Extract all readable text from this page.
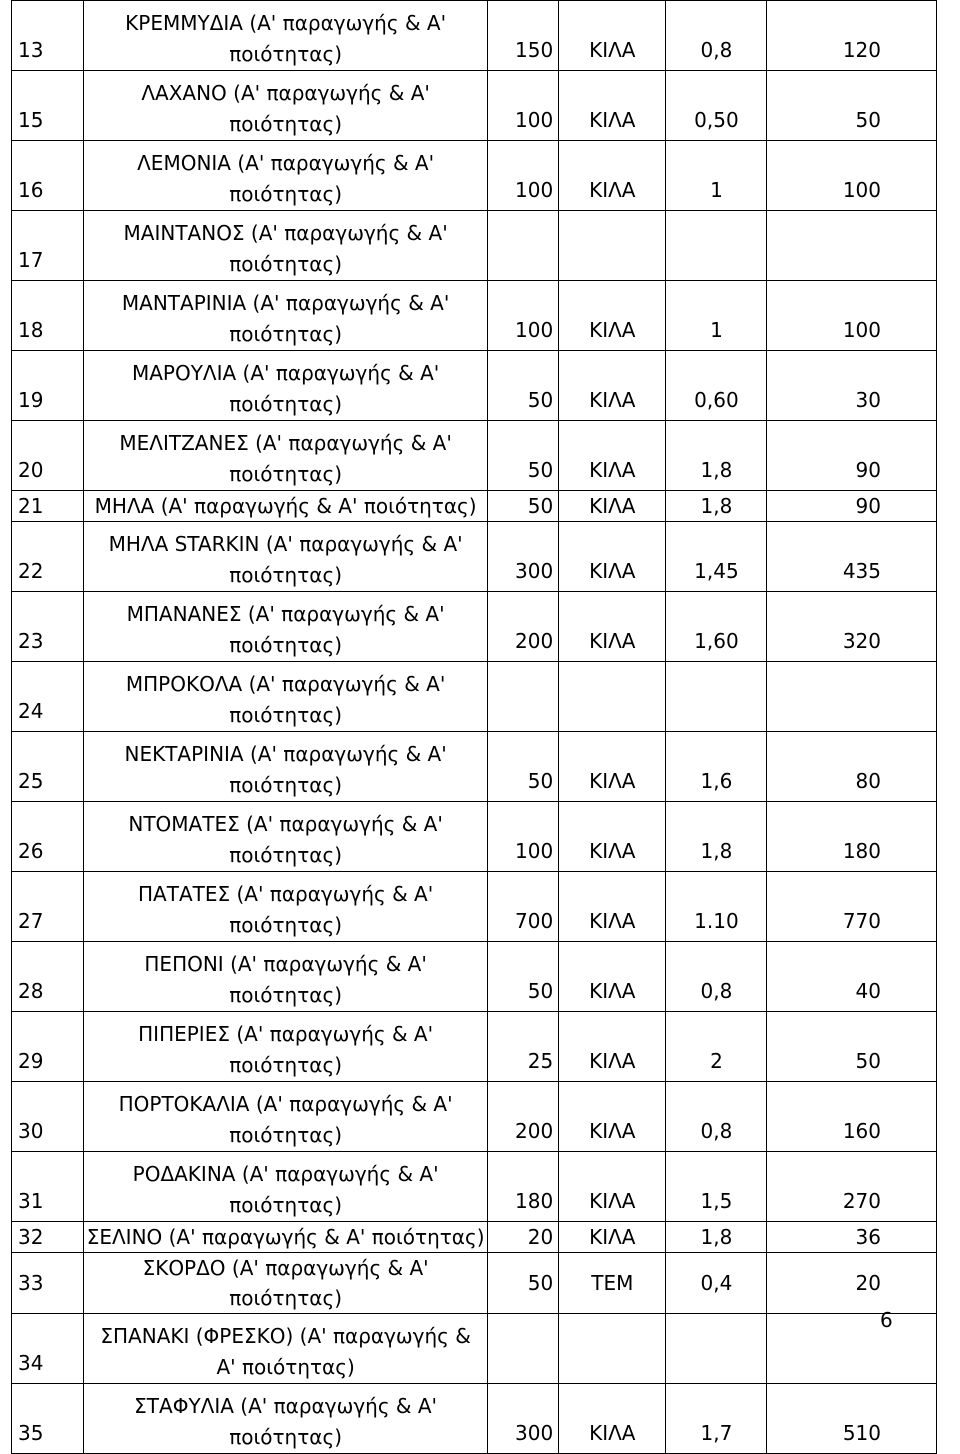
13	ΚΡΕΜΜΥΔΙΑ (Α' παραγωγής & Α'
ποιότητας)	150	ΚΙΛΑ	0,8	120
15	ΛΑΧΑΝΟ (Α' παραγωγής & Α'
ποιότητας)	100	ΚΙΛΑ	0,50	50
16	ΛΕΜΟΝΙΑ (Α' παραγωγής & Α'
ποιότητας)	100	ΚΙΛΑ	1	100
17	ΜΑΙΝΤΑΝΟΣ (Α' παραγωγής & Α'
ποιότητας)				

18	ΜΑΝΤΑΡΙΝΙΑ (Α' παραγωγής & Α'
ποιότητας)	100	ΚΙΛΑ	1	100
19	ΜΑΡΟΥΛΙΑ (Α' παραγωγής & Α'
ποιότητας)	50	ΚΙΛΑ	0,60	30
20	ΜΕΛΙΤΖΑΝΕΣ (Α' παραγωγής & Α'
ποιότητας)	50	ΚΙΛΑ	1,8	90
21	ΜΗΛΑ (Α' παραγωγής & Α' ποιότητας)	50	ΚΙΛΑ	1,8	90
22	ΜΗΛΑ STARKIN (Α' παραγωγής & Α'
ποιότητας)	300	ΚΙΛΑ	1,45	435
23	ΜΠΑΝΑΝΕΣ (Α' παραγωγής & Α'
ποιότητας)	200	ΚΙΛΑ	1,60	320
24	ΜΠΡΟΚΟΛΑ (Α' παραγωγής & Α'
ποιότητας)				

25	ΝΕΚΤΑΡΙΝΙΑ (Α' παραγωγής & Α'
ποιότητας)	50	ΚΙΛΑ	1,6	80
26	ΝΤΟΜΑΤΕΣ (Α' παραγωγής & Α'
ποιότητας)	100	ΚΙΛΑ	1,8	180
27	ΠΑΤΑΤΕΣ (Α' παραγωγής & Α'
ποιότητας)	700	ΚΙΛΑ	1.10	770
28	ΠΕΠΟΝΙ (Α' παραγωγής & Α'
ποιότητας)	50	ΚΙΛΑ	0,8	40
29	ΠΙΠΕΡΙΕΣ (Α' παραγωγής & Α'
ποιότητας)	25	ΚΙΛΑ	2	50
30	ΠΟΡΤΟΚΑΛΙΑ (Α' παραγωγής & Α'
ποιότητας)	200	ΚΙΛΑ	0,8	160
31	ΡΟΔΑΚΙΝΑ (Α' παραγωγής & Α'
ποιότητας)	180	ΚΙΛΑ	1,5	270
32	ΣΕΛΙΝΟ (Α' παραγωγής & Α' ποιότητας)	20	ΚΙΛΑ	1,8	36
33	ΣΚΟΡΔΟ (Α' παραγωγής & Α' ποιότητας)	50	ΤΕΜ	0,4	20
34	ΣΠΑΝΑΚΙ (ΦΡΕΣΚΟ) (Α' παραγωγής &
Α' ποιότητας)				

35	ΣΤΑΦΥΛΙΑ (Α' παραγωγής & Α'
ποιότητας)	300	ΚΙΛΑ	1,7	510
6
